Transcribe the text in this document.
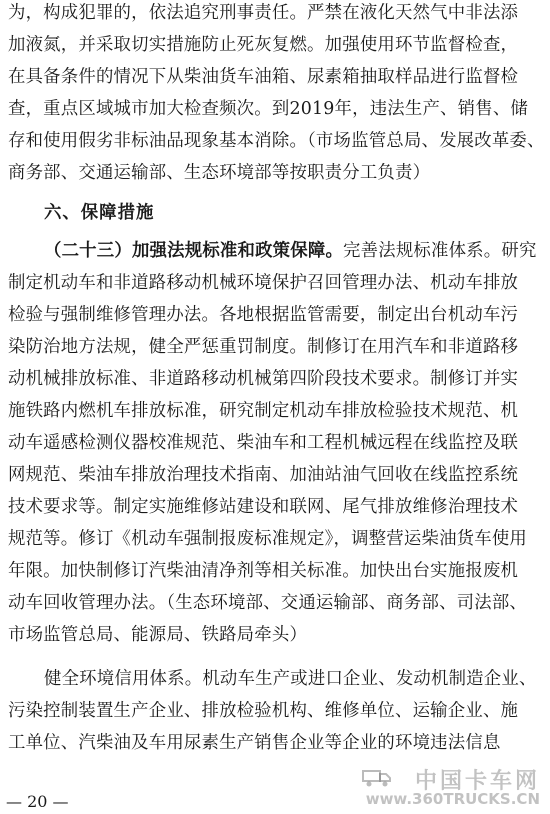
为，构成犯罪的，依法追究刑事责任。严禁在液化天然气中非法添
加液氮，并采取切实措施防止死灰复燃。加强使用环节监督检查，
在具备条件的情况下从柴油货车油箱、尿素箱抽取样品进行监督检
查，重点区域城市加大检查频次。到2019年，违法生产、销售、储
存和使用假劣非标油品现象基本消除。（市场监管总局、发展改革委、
商务部、交通运输部、生态环境部等按职责分工负责）
六、保障措施
（二十三）加强法规标准和政策保障。完善法规标准体系。研究
制定机动车和非道路移动机械环境保护召回管理办法、机动车排放
检验与强制维修管理办法。各地根据监管需要，制定出台机动车污
染防治地方法规，健全严惩重罚制度。制修订在用汽车和非道路移
动机械排放标准、非道路移动机械第四阶段技术要求。制修订并实
施铁路内燃机车排放标准，研究制定机动车排放检验技术规范、机
动车遥感检测仪器校准规范、柴油车和工程机械远程在线监控及联
网规范、柴油车排放治理技术指南、加油站油气回收在线监控系统
技术要求等。制定实施维修站建设和联网、尾气排放维修治理技术
规范等。修订《机动车强制报废标准规定》，调整营运柴油货车使用
年限。加快制修订汽柴油清净剂等相关标准。加快出台实施报废机
动车回收管理办法。（生态环境部、交通运输部、商务部、司法部、
市场监管总局、能源局、铁路局牵头）
健全环境信用体系。机动车生产或进口企业、发动机制造企业、
污染控制装置生产企业、排放检验机构、维修单位、运输企业、施
工单位、汽柴油及车用尿素生产销售企业等企业的环境违法信息
— 20 —
中国卡车网
www.360TRUCKS.CN
